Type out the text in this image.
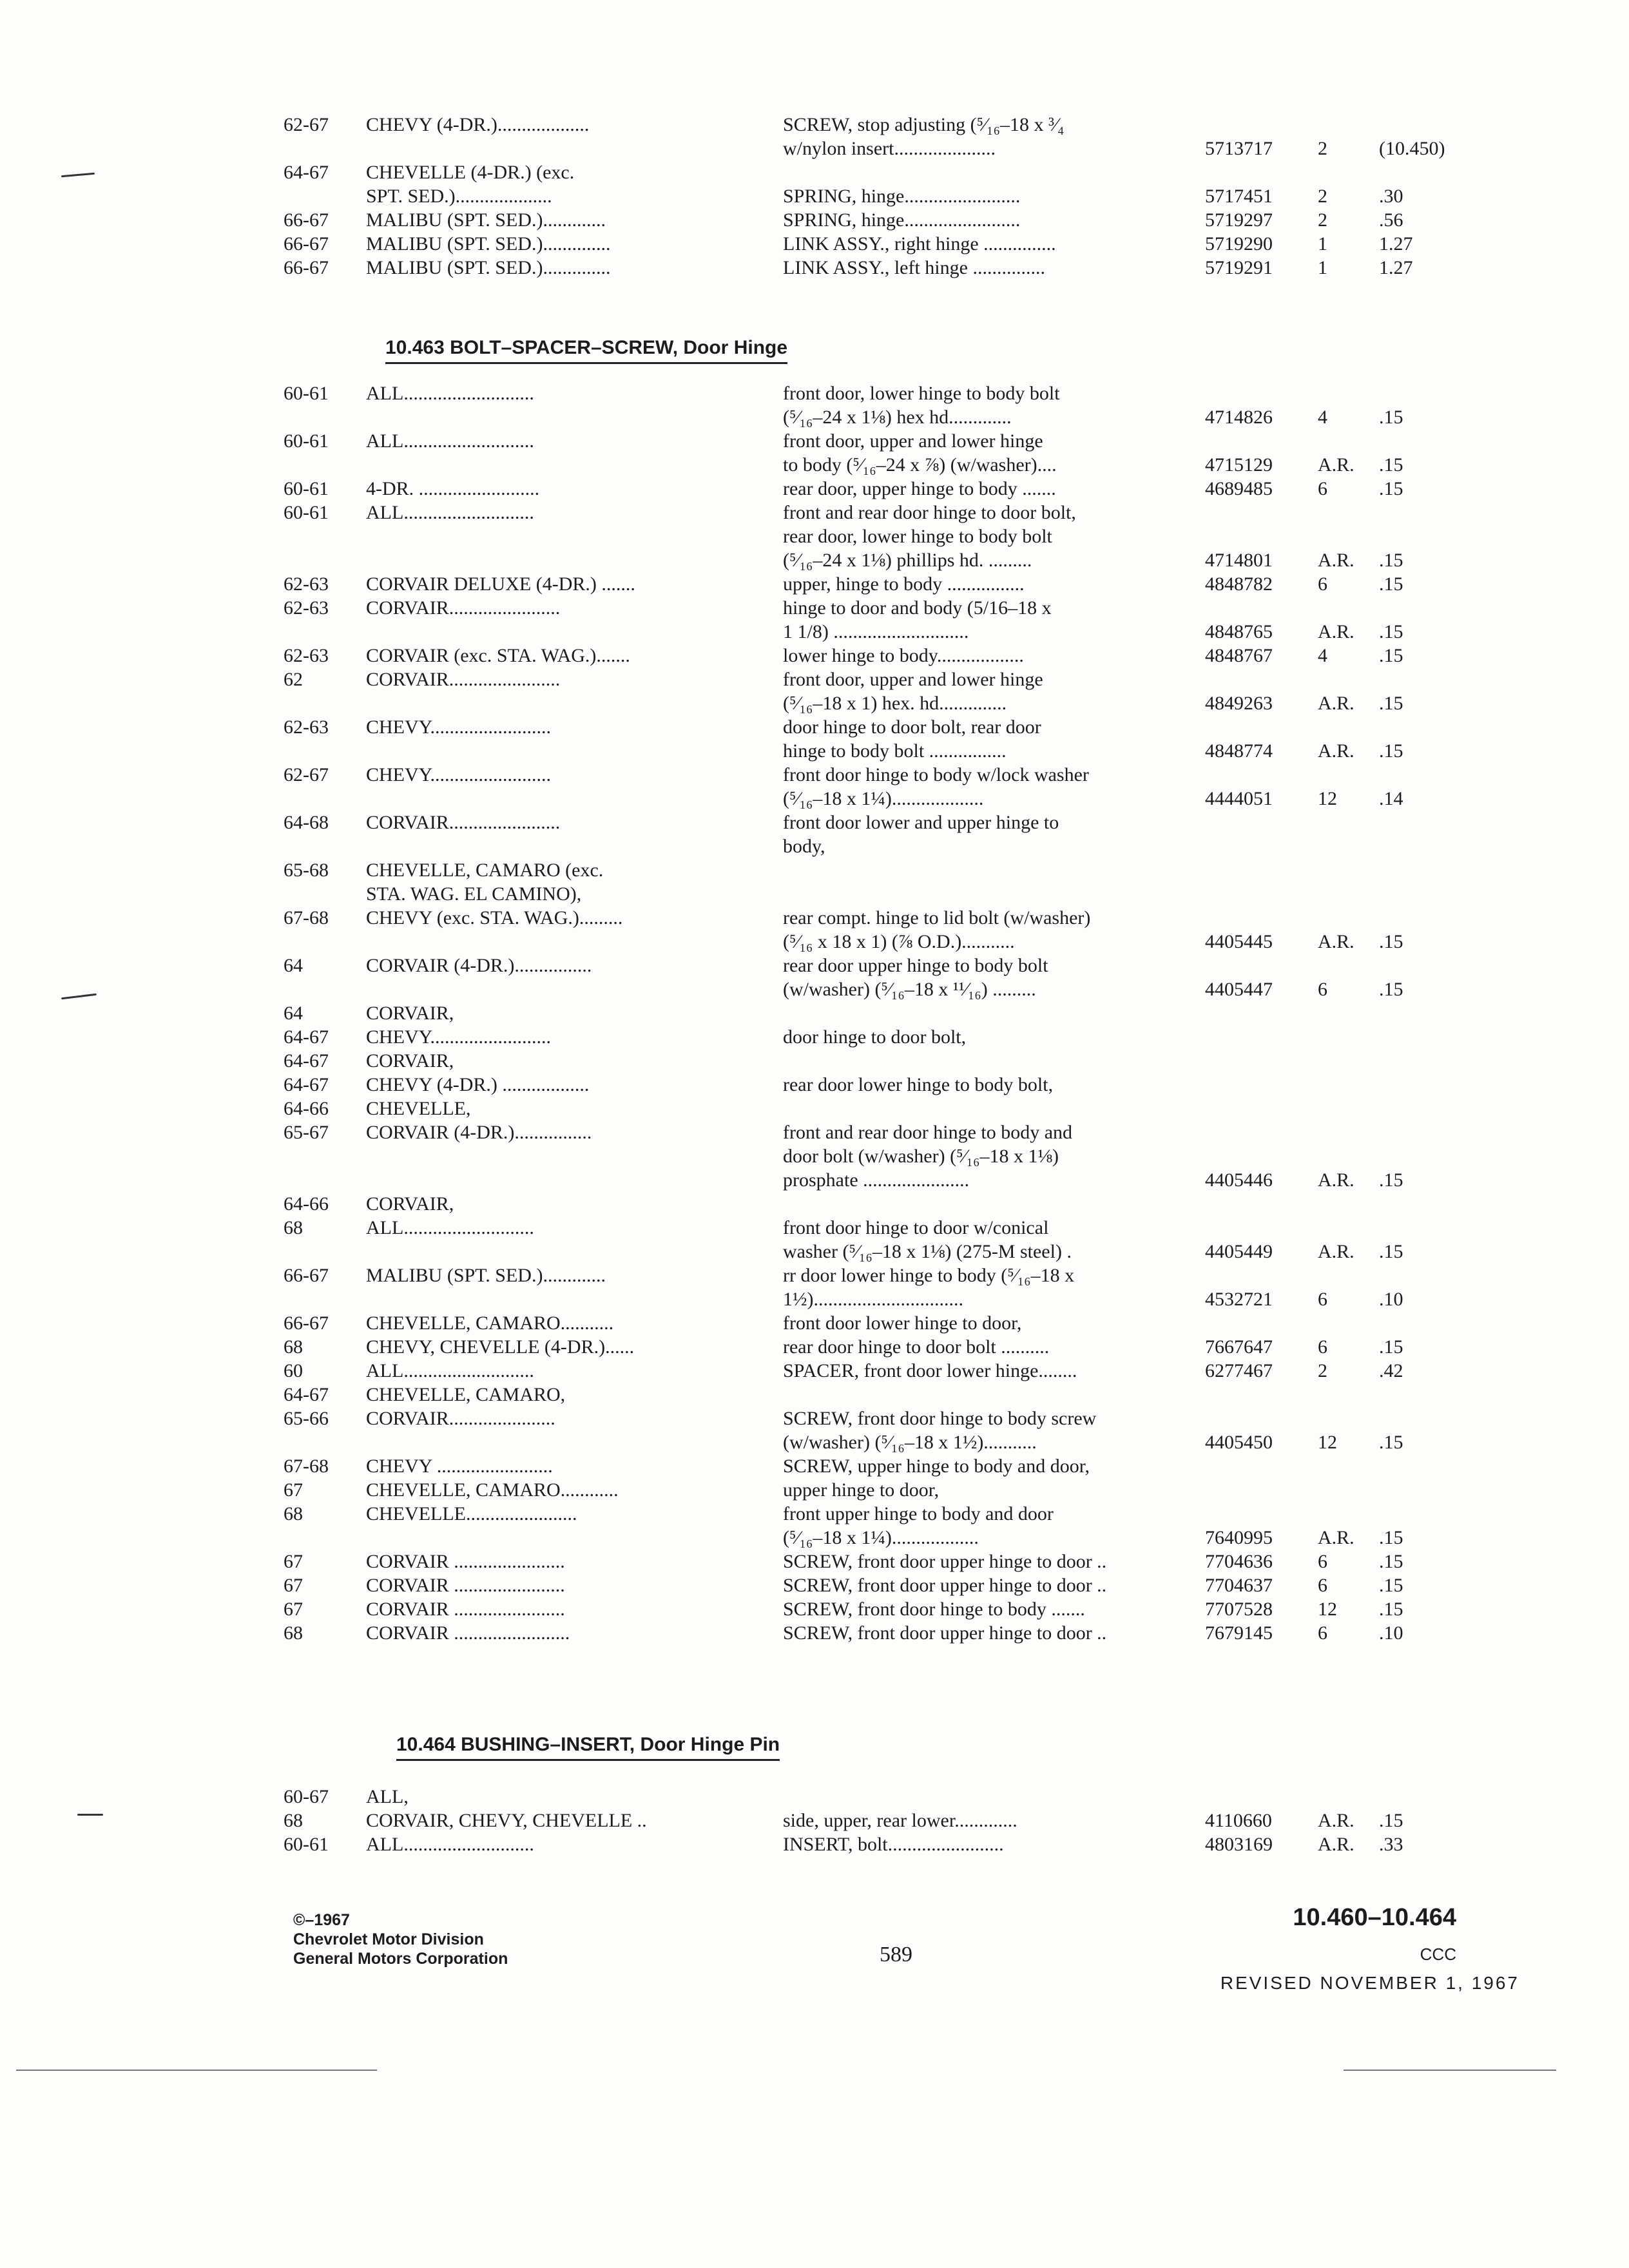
62-67 CHEVY (4-DR.)...................	SCREW, stop adjusting (⁵⁄₁₆–18 x ³⁄₄
w/nylon insert.....................	5713717 2	(10.450)
64-67 CHEVELLE (4-DR.) (exc.
SPT. SED.)....................	SPRING, hinge........................	5717451 2	.30
66-67 MALIBU (SPT. SED.).............	SPRING, hinge........................	5719297 2	.56
66-67 MALIBU (SPT. SED.)..............	LINK ASSY., right hinge ...............	5719290 1	1.27
66-67 MALIBU (SPT. SED.)..............	LINK ASSY., left hinge ...............	5719291 1	1.27
10.463 BOLT–SPACER–SCREW, Door Hinge
60-61 ALL...........................	front door, lower hinge to body bolt
(⁵⁄₁₆–24 x 1⅛) hex hd.............	4714826 4	.15
60-61 ALL...........................	front door, upper and lower hinge
to body (⁵⁄₁₆–24 x ⅞) (w/washer)....	4715129 A.R. .15
60-61 4-DR. .........................	rear door, upper hinge to body .......	4689485 6	.15
60-61 ALL...........................	front and rear door hinge to door bolt,
rear door, lower hinge to body bolt
(⁵⁄₁₆–24 x 1⅛) phillips hd. .........	4714801 A.R. .15
62-63 CORVAIR DELUXE (4-DR.) .......	upper, hinge to body ................	4848782 6	.15
62-63 CORVAIR.......................	hinge to door and body (5/16–18 x
1 1/8) ............................	4848765 A.R. .15
62-63 CORVAIR (exc. STA. WAG.).......	lower hinge to body..................	4848767 4	.15
62	CORVAIR.......................	front door, upper and lower hinge
(⁵⁄₁₆–18 x 1) hex. hd..............	4849263 A.R. .15
62-63 CHEVY.........................	door hinge to door bolt, rear door
hinge to body bolt ................	4848774 A.R. .15
62-67 CHEVY.........................	front door hinge to body w/lock washer
(⁵⁄₁₆–18 x 1¼)...................	4444051 12 .14
64-68 CORVAIR.......................	front door lower and upper hinge to
body,
65-68 CHEVELLE, CAMARO (exc.
STA. WAG. EL CAMINO),
67-68 CHEVY (exc. STA. WAG.).........	rear compt. hinge to lid bolt (w/washer)
(⁵⁄₁₆ x 18 x 1) (⅞ O.D.)...........	4405445 A.R. .15
64	CORVAIR (4-DR.)................	rear door upper hinge to body bolt
(w/washer) (⁵⁄₁₆–18 x ¹¹⁄₁₆) .........	4405447 6	.15
64	CORVAIR,
64-67 CHEVY.........................	door hinge to door bolt,
64-67 CORVAIR,
64-67 CHEVY (4-DR.) ..................	rear door lower hinge to body bolt,
64-66 CHEVELLE,
65-67 CORVAIR (4-DR.)................	front and rear door hinge to body and
door bolt (w/washer) (⁵⁄₁₆–18 x 1⅛)
prosphate ......................	4405446 A.R. .15
64-66 CORVAIR,
68	ALL...........................	front door hinge to door w/conical
washer (⁵⁄₁₆–18 x 1⅛) (275-M steel) .	4405449 A.R. .15
66-67 MALIBU (SPT. SED.).............	rr door lower hinge to body (⁵⁄₁₆–18 x
1½)...............................	4532721 6	.10
66-67 CHEVELLE, CAMARO...........	front door lower hinge to door,
68	CHEVY, CHEVELLE (4-DR.)......	rear door hinge to door bolt ..........	7667647 6	.15
60	ALL...........................	SPACER, front door lower hinge........	6277467 2	.42
64-67 CHEVELLE, CAMARO,
65-66 CORVAIR......................	SCREW, front door hinge to body screw
(w/washer) (⁵⁄₁₆–18 x 1½)...........	4405450 12 .15
67-68 CHEVY ........................	SCREW, upper hinge to body and door,
67	CHEVELLE, CAMARO............	upper hinge to door,
68	CHEVELLE.......................	front upper hinge to body and door
(⁵⁄₁₆–18 x 1¼)..................	7640995 A.R. .15
67	CORVAIR .......................	SCREW, front door upper hinge to door ..	7704636 6	.15
67	CORVAIR .......................	SCREW, front door upper hinge to door ..	7704637 6	.15
67	CORVAIR .......................	SCREW, front door hinge to body .......	7707528 12 .15
68	CORVAIR ........................	SCREW, front door upper hinge to door ..	7679145 6	.10
10.464 BUSHING–INSERT, Door Hinge Pin
60-67 ALL,
68	CORVAIR, CHEVY, CHEVELLE ..	side, upper, rear lower.............	4110660 A.R. .15
60-61 ALL...........................	INSERT, bolt........................	4803169 A.R. .33
©–1967
Chevrolet Motor Division
General Motors Corporation	589
10.460–10.464
CCC
REVISED NOVEMBER 1, 1967
